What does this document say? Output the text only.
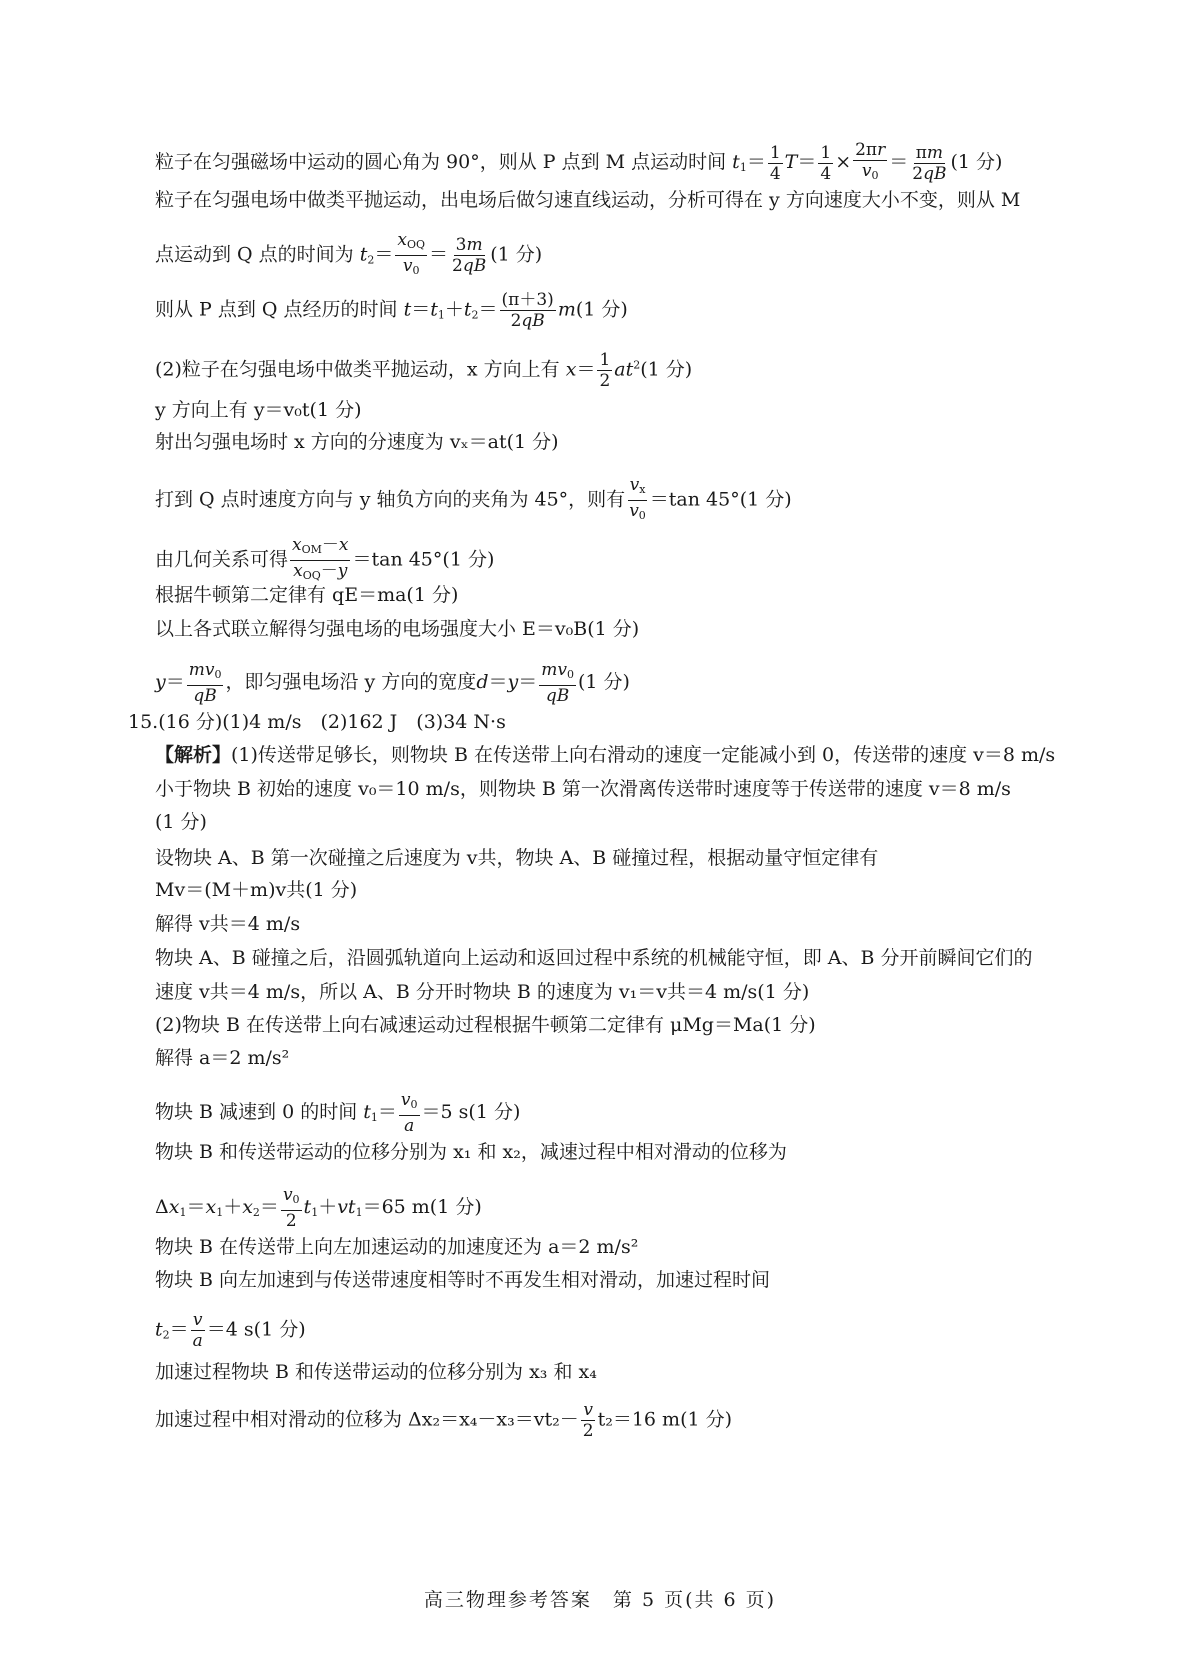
粒子在匀强磁场中运动的圆心角为 90°，则从 P 点到 M 点运动时间 $t_1= \frac{1}{4} T= \frac{1}{4} \times \frac{2\pi r}{v_0} = \frac{\pi m}{2qB} (1$ 分)
粒子在匀强电场中做类平抛运动，出电场后做匀速直线运动，分析可得在 y 方向速度大小不变，则从 M
点运动到 Q 点的时间为 $t_2= \frac{x_{OQ}}{v_0} = \frac{3m}{2qB} (1$ 分)
则从 P 点到 Q 点经历的时间 $t=t_1+t_2= \frac{(\pi+3)}{2qB} m(1$ 分)
(2)粒子在匀强电场中做类平抛运动，x 方向上有 $x= \frac{1}{2} at^2(1$ 分)
y 方向上有 y＝v₀t(1 分)
射出匀强电场时 x 方向的分速度为 vₓ＝at(1 分)
打到 Q 点时速度方向与 y 轴负方向的夹角为 45°，则有 $\frac{v_x}{v_0} =\tan$ 45°(1 分)
由几何关系可得 $\frac{x_{OM}-x}{x_{OQ}-y} =\tan$ 45°(1 分)
根据牛顿第二定律有 qE＝ma(1 分)
以上各式联立解得匀强电场的电场强度大小 E＝v₀B(1 分)
$y= \frac{mv_0}{qB}$ ，即匀强电场沿 y 方向的宽度$d=y= \frac{mv_0}{qB} (1$ 分)
15.(16 分)(1)4 m/s　(2)162 J　(3)34 N·s
【解析】(1)传送带足够长，则物块 B 在传送带上向右滑动的速度一定能减小到 0，传送带的速度 v＝8 m/s
小于物块 B 初始的速度 v₀＝10 m/s，则物块 B 第一次滑离传送带时速度等于传送带的速度 v＝8 m/s
(1 分)
设物块 A、B 第一次碰撞之后速度为 v共，物块 A、B 碰撞过程，根据动量守恒定律有
Mv＝(M＋m)v共(1 分)
解得 v共＝4 m/s
物块 A、B 碰撞之后，沿圆弧轨道向上运动和返回过程中系统的机械能守恒，即 A、B 分开前瞬间它们的
速度 v共＝4 m/s，所以 A、B 分开时物块 B 的速度为 v₁＝v共＝4 m/s(1 分)
(2)物块 B 在传送带上向右减速运动过程根据牛顿第二定律有 μMg＝Ma(1 分)
解得 a＝2 m/s²
物块 B 减速到 0 的时间 $t_1= \frac{v_0}{a} =5$ s(1 分)
物块 B 和传送带运动的位移分别为 x₁ 和 x₂，减速过程中相对滑动的位移为
$\Delta x_1=x_1+x_2= \frac{v_0}{2} t_1+vt_1=65$ m(1 分)
物块 B 在传送带上向左加速运动的加速度还为 a＝2 m/s²
物块 B 向左加速到与传送带速度相等时不再发生相对滑动，加速过程时间
$t_2= \frac{v}{a} =4$ s(1 分)
加速过程物块 B 和传送带运动的位移分别为 x₃ 和 x₄
加速过程中相对滑动的位移为 $\Delta x_2=x_4-x_3=vt_2- \frac{v}{2} t_2=16$ m(1 分)
高三物理参考答案　第 5 页(共 6 页)
